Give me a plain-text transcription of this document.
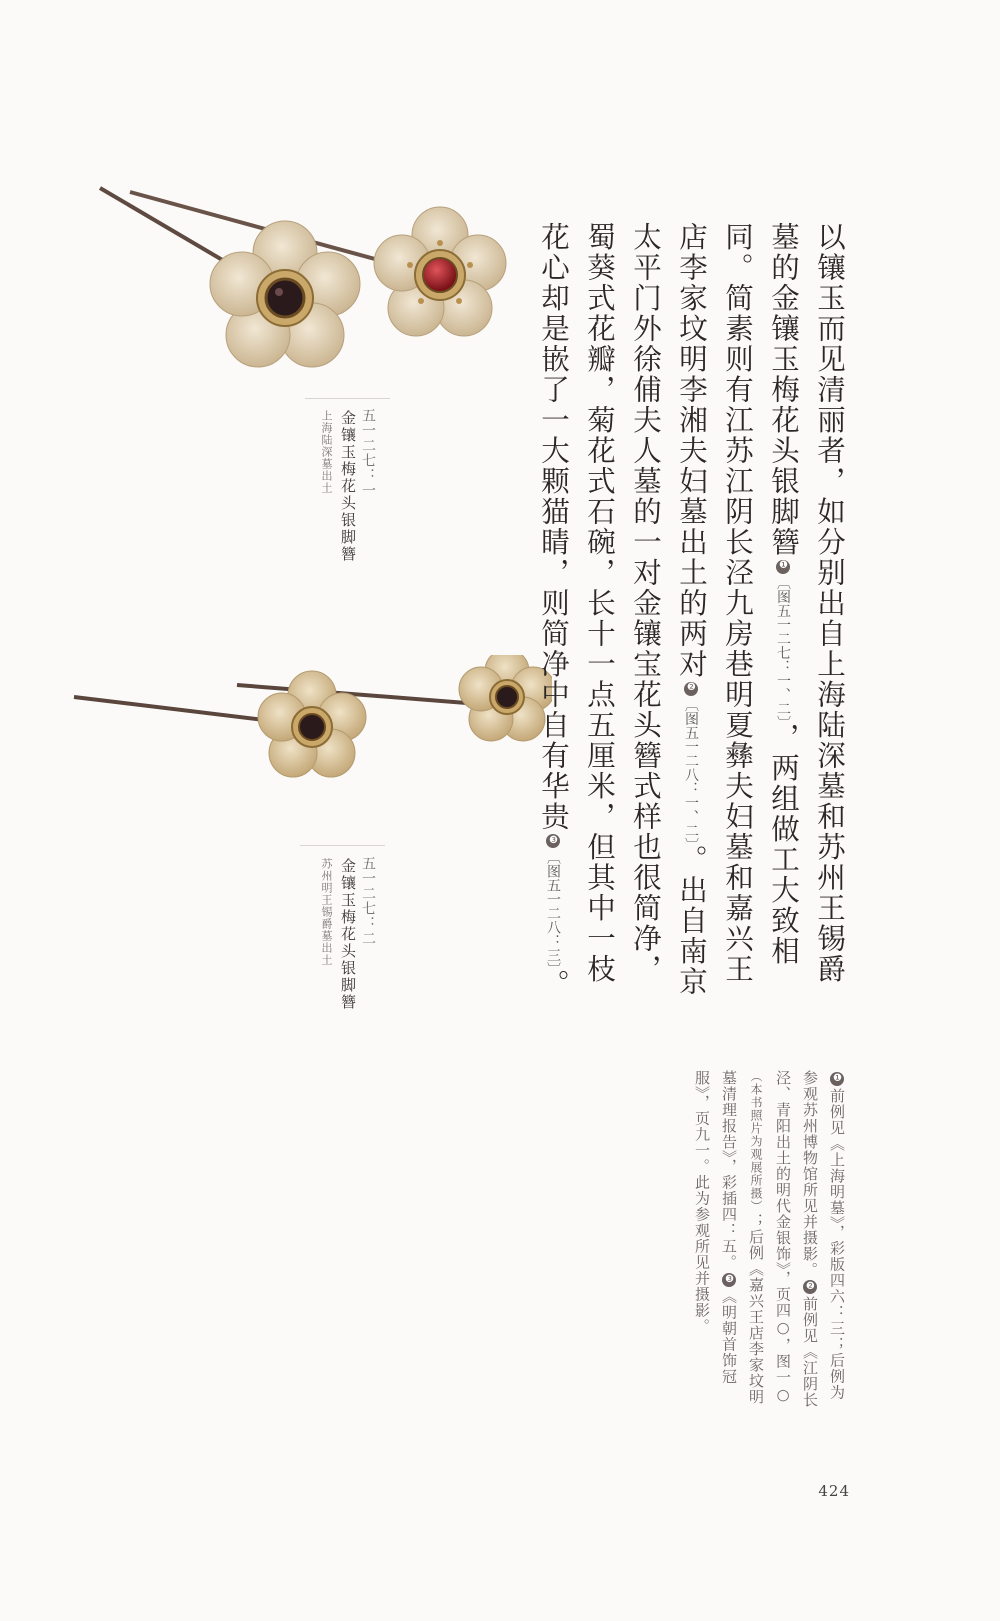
五一二七：一
金镶玉梅花头银脚簪
上海陆深墓出土
五一二七：二
金镶玉梅花头银脚簪
苏州明王锡爵墓出土	以镶玉而见清丽者，如分别出自上海陆深墓和苏州王锡爵墓的金镶玉梅花头银脚簪❶〔图五一二七：一、二〕，两组做工大致相同。简素则有江苏江阴长泾九房巷明夏彝夫妇墓和嘉兴王店李家坟明李湘夫妇墓出土的两对❷〔图五一二八：一、二〕。出自南京太平门外徐俌夫人墓的一对金镶宝花头簪式样也很简净，蜀葵式花瓣，菊花式石碗，长十一点五厘米，但其中一枝花心却是嵌了一大颗猫睛，则简净中自有华贵❸〔图五一二八：三〕。

❶前例见《上海明墓》，彩版四六：三；后例为参观苏州博物馆所见并摄影。❷前例见《江阴长泾、青阳出土的明代金银饰》，页四○，图一○（本书照片为观展所摄）；后例《嘉兴王店李家坟明墓清理报告》，彩插四：五。❸《明朝首饰冠服》，页九一。此为参观所见并摄影。

424
